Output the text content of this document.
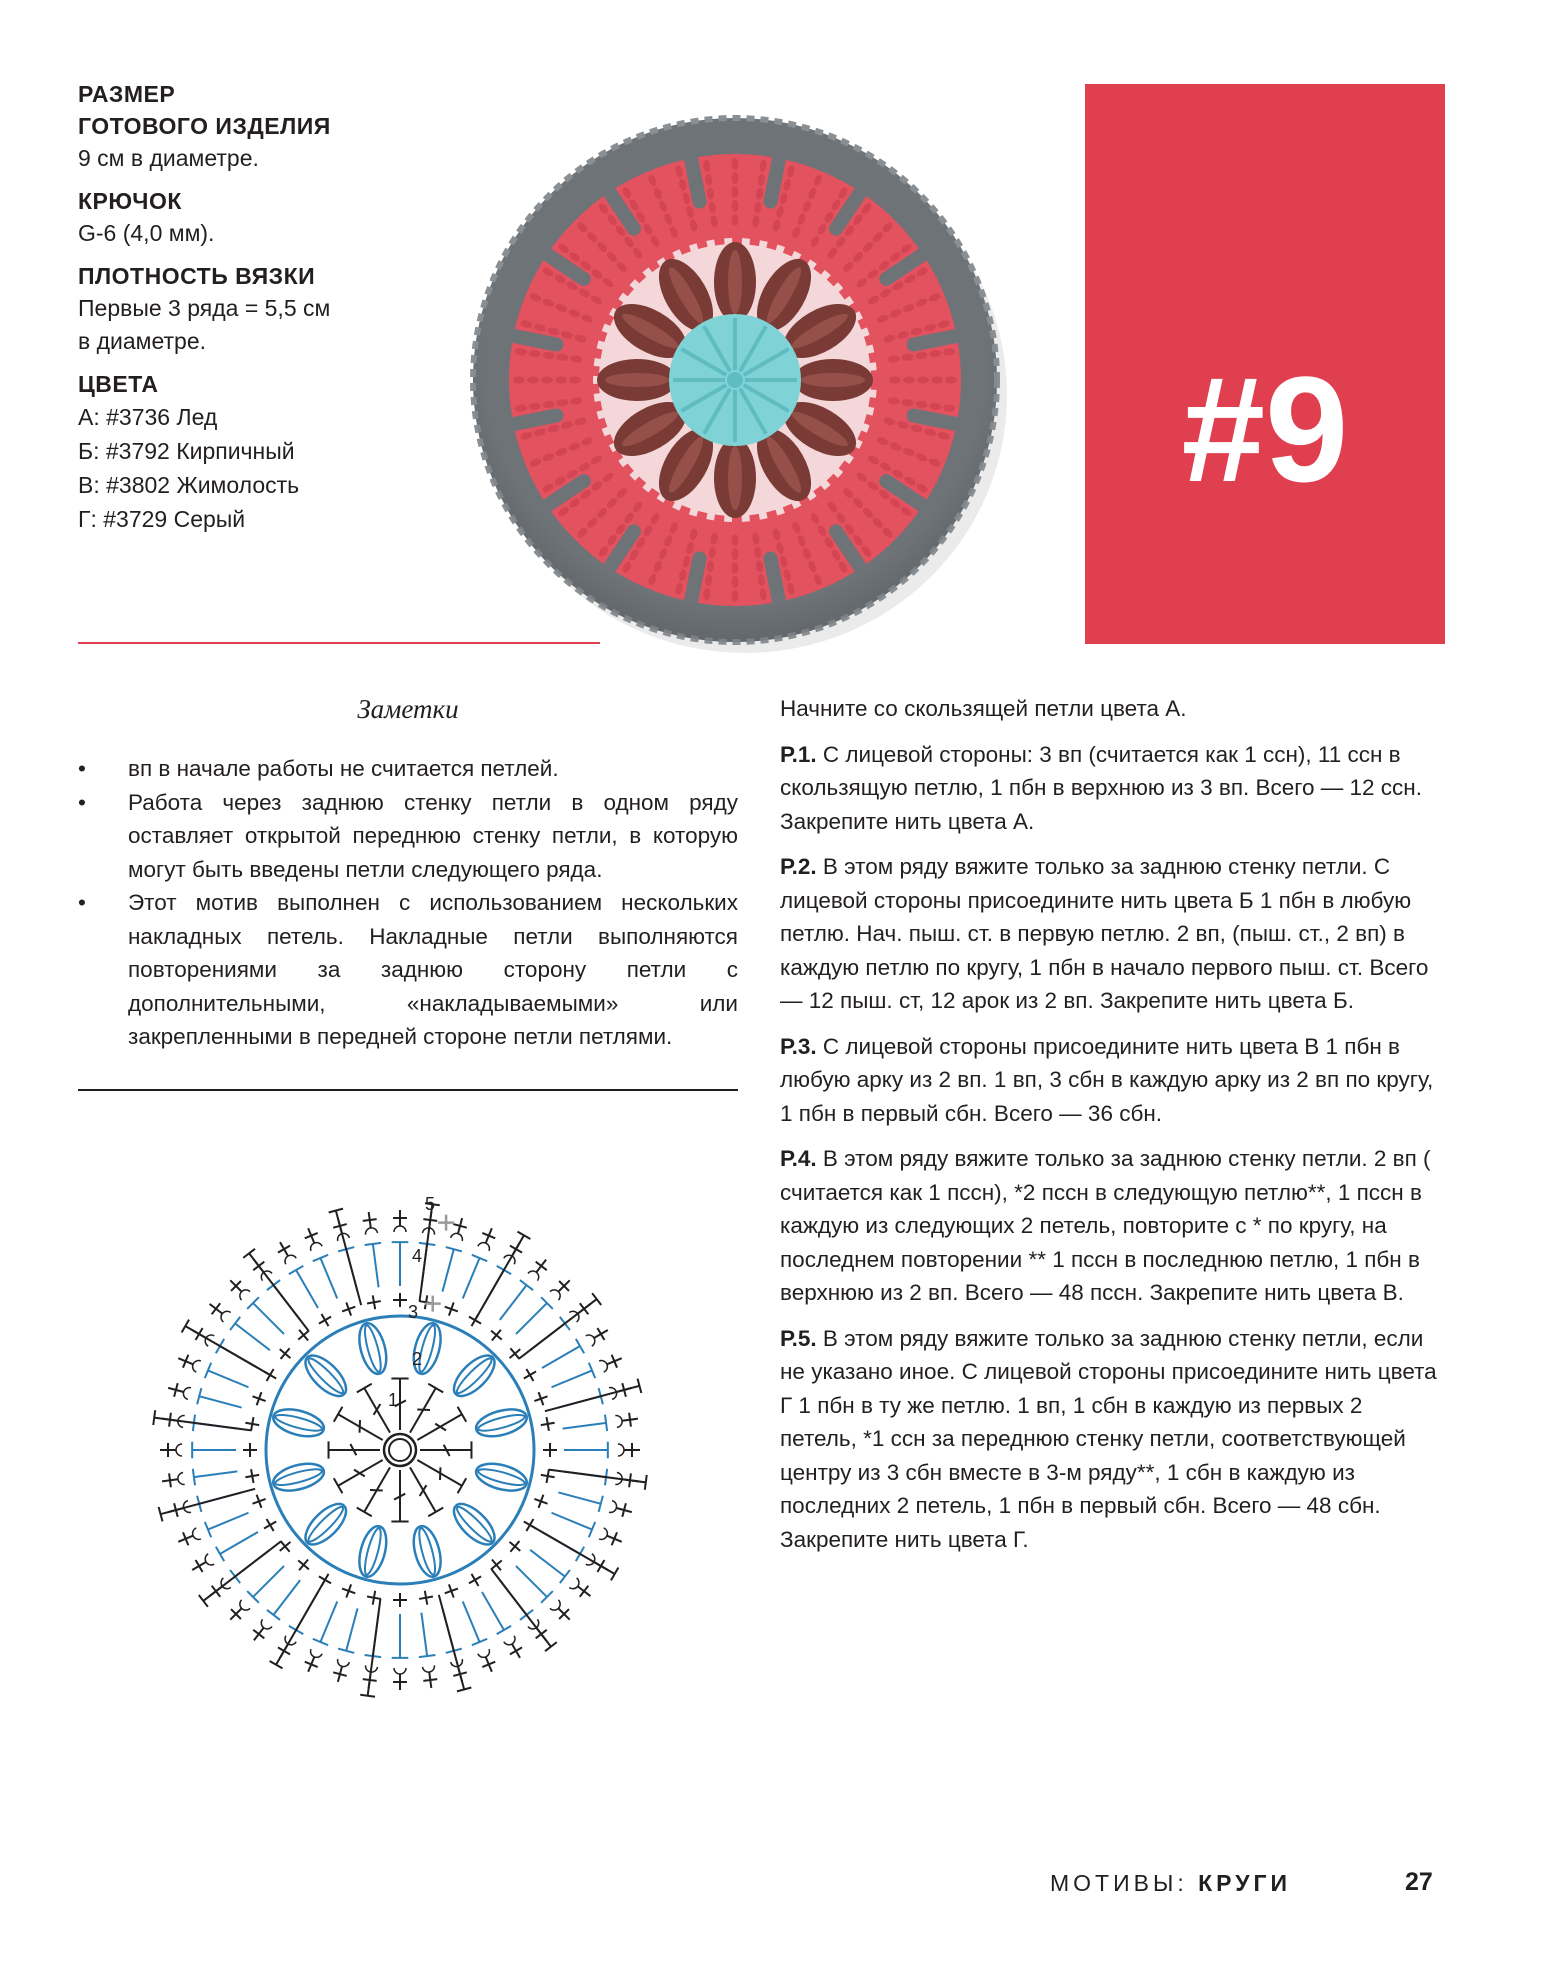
РАЗМЕР

ГОТОВОГО ИЗДЕЛИЯ

9 см в диаметре.

КРЮЧОК

G-6 (4,0 мм).

ПЛОТНОСТЬ ВЯЗКИ

Первые 3 ряда = 5,5 см

в диаметре.

ЦВЕТА

А: #3736 Лед
Б: #3792 Кирпичный
В: #3802 Жимолость
Г: #3729 Серый
#9
Заметки
• вп в начале работы не считается петлей.
• Работа через заднюю стенку петли в одном ряду оставляет открытой переднюю стенку петли, в которую могут быть введены петли следующего ряда.
• Этот мотив выполнен с использованием нескольких накладных петель. Накладные петли выполняются повторениями за заднюю сторону петли с дополнительными, «накладываемыми» или закрепленными в передней стороне петли петлями.
5
4
3
2
1

Начните со скользящей петли цвета А.

Р.1. С лицевой стороны: 3 вп (считается как 1 ссн), 11 ссн в скользящую петлю, 1 пбн в верхнюю из 3 вп. Всего — 12 ссн. Закрепите нить цвета А.

Р.2. В этом ряду вяжите только за заднюю стенку петли. С лицевой стороны присоедините нить цвета Б 1 пбн в любую петлю. Нач. пыш. ст. в первую петлю. 2 вп, (пыш. ст., 2 вп) в каждую петлю по кругу, 1 пбн в начало первого пыш. ст. Всего — 12 пыш. ст, 12 арок из 2 вп. Закрепите нить цвета Б.

Р.3. С лицевой стороны присоедините нить цвета В 1 пбн в любую арку из 2 вп. 1 вп, 3 сбн в каждую арку из 2 вп по кругу, 1 пбн в первый сбн. Всего — 36 сбн.

Р.4. В этом ряду вяжите только за заднюю стенку петли. 2 вп ( считается как 1 пссн), *2 пссн в следующую петлю**, 1 пссн в каждую из следующих 2 петель, повторите с * по кругу, на последнем повторении ** 1 пссн в последнюю петлю, 1 пбн в верхнюю из 2 вп. Всего — 48 пссн. Закрепите нить цвета В.

Р.5. В этом ряду вяжите только за заднюю стенку петли, если не указано иное. С лицевой стороны присоедините нить цвета Г 1 пбн в ту же петлю. 1 вп, 1 сбн в каждую из первых 2 петель, *1 ссн за переднюю стенку петли, соответствующей центру из 3 сбн вместе в 3-м ряду**, 1 сбн в каждую из последних 2 петель, 1 пбн в первый сбн. Всего — 48 сбн. Закрепите нить цвета Г.

МОТИВЫ: КРУГИ	27
